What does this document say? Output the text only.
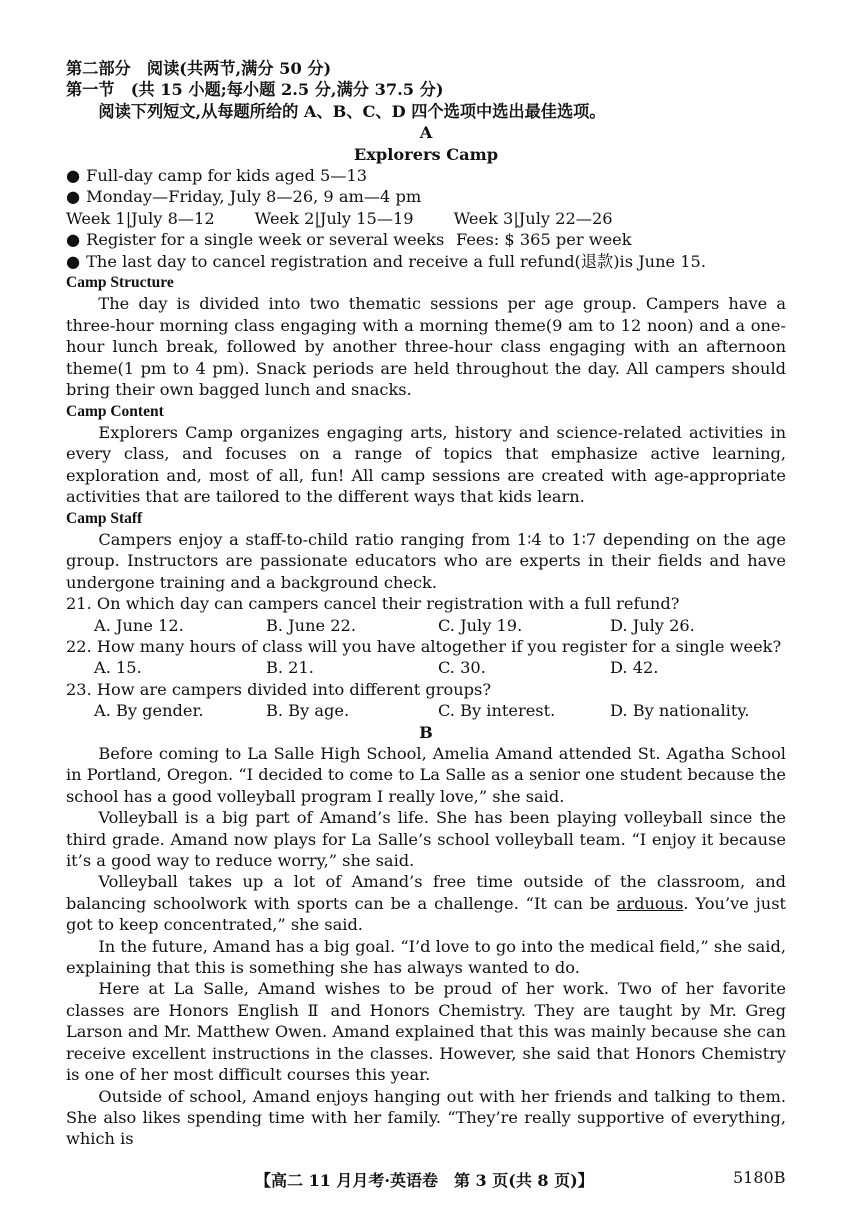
第二部分　阅读(共两节,满分 50 分)

第一节　(共 15 小题;每小题 2.5 分,满分 37.5 分)

阅读下列短文,从每题所给的 A、B、C、D 四个选项中选出最佳选项。

A

Explorers Camp

● Full-day camp for kids aged 5—13

● Monday—Friday, July 8—26, 9 am—4 pm

Week 1|July 8—12 Week 2|July 15—19 Week 3|July 22—26
● Register for a single week or several weeks Fees: $ 365 per week

● The last day to cancel registration and receive a full refund(退款)is June 15.

Camp Structure

The day is divided into two thematic sessions per age group. Campers have a three-hour morning class engaging with a morning theme(9 am to 12 noon) and a one-hour lunch break, followed by another three-hour class engaging with an afternoon theme(1 pm to 4 pm). Snack periods are held throughout the day. All campers should bring their own bagged lunch and snacks.

Camp Content

Explorers Camp organizes engaging arts, history and science-related activities in every class, and focuses on a range of topics that emphasize active learning, exploration and, most of all, fun! All camp sessions are created with age-appropriate activities that are tailored to the different ways that kids learn.

Camp Staff

Campers enjoy a staff-to-child ratio ranging from 1∶4 to 1∶7 depending on the age group. Instructors are passionate educators who are experts in their fields and have undergone training and a background check.

21. On which day can campers cancel their registration with a full refund?

A. June 12.	B. June 22.	C. July 19.	D. July 26.

22. How many hours of class will you have altogether if you register for a single week?

A. 15.	B. 21.	C. 30.	D. 42.

23. How are campers divided into different groups?

A. By gender.	B. By age.	C. By interest.	D. By nationality.

B

Before coming to La Salle High School, Amelia Amand attended St. Agatha School in Portland, Oregon. “I decided to come to La Salle as a senior one student because the school has a good volleyball program I really love,” she said.

Volleyball is a big part of Amand’s life. She has been playing volleyball since the third grade. Amand now plays for La Salle’s school volleyball team. “I enjoy it because it’s a good way to reduce worry,” she said.

Volleyball takes up a lot of Amand’s free time outside of the classroom, and balancing schoolwork with sports can be a challenge. “It can be arduous. You’ve just got to keep concentrated,” she said.

In the future, Amand has a big goal. “I’d love to go into the medical field,” she said, explaining that this is something she has always wanted to do.

Here at La Salle, Amand wishes to be proud of her work. Two of her favorite classes are Honors English Ⅱ and Honors Chemistry. They are taught by Mr. Greg Larson and Mr. Matthew Owen. Amand explained that this was mainly because she can receive excellent instructions in the classes. However, she said that Honors Chemistry is one of her most difficult courses this year.

Outside of school, Amand enjoys hanging out with her friends and talking to them. She also likes spending time with her family. “They’re really supportive of everything, which is

【高二 11 月月考·英语卷　第 3 页(共 8 页)】	5180B
